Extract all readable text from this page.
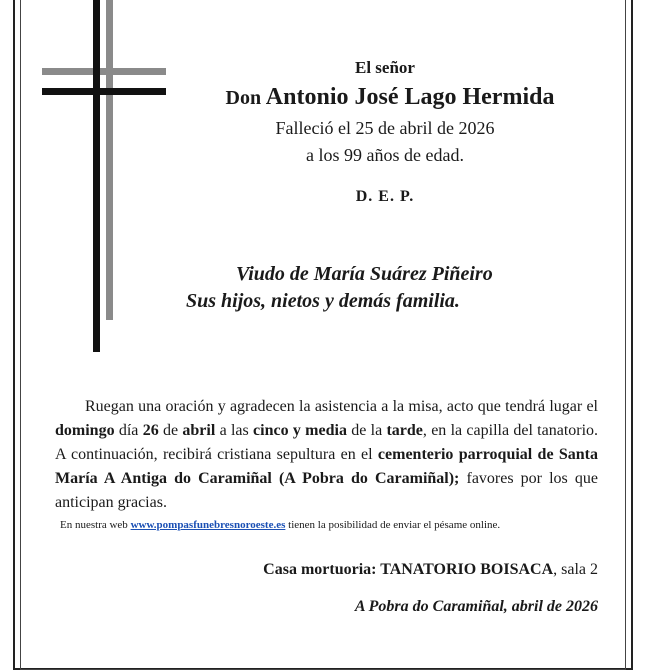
El señor
Don Antonio José Lago Hermida
Falleció el 25 de abril de 2026
a los 99 años de edad.
D. E. P.
Viudo de María Suárez Piñeiro
Sus hijos, nietos y demás familia.
Ruegan una oración y agradecen la asistencia a la misa, acto que tendrá lugar el domingo día 26 de abril a las cinco y media de la tarde, en la capilla del tanatorio. A continuación, recibirá cristiana sepultura en el cementerio parroquial de Santa María A Antiga do Caramiñal (A Pobra do Caramiñal); favores por los que anticipan gracias.
En nuestra web www.pompasfunebresnoroeste.es tienen la posibilidad de enviar el pésame online.
Casa mortuoria: TANATORIO BOISACA, sala 2
A Pobra do Caramiñal, abril de 2026
